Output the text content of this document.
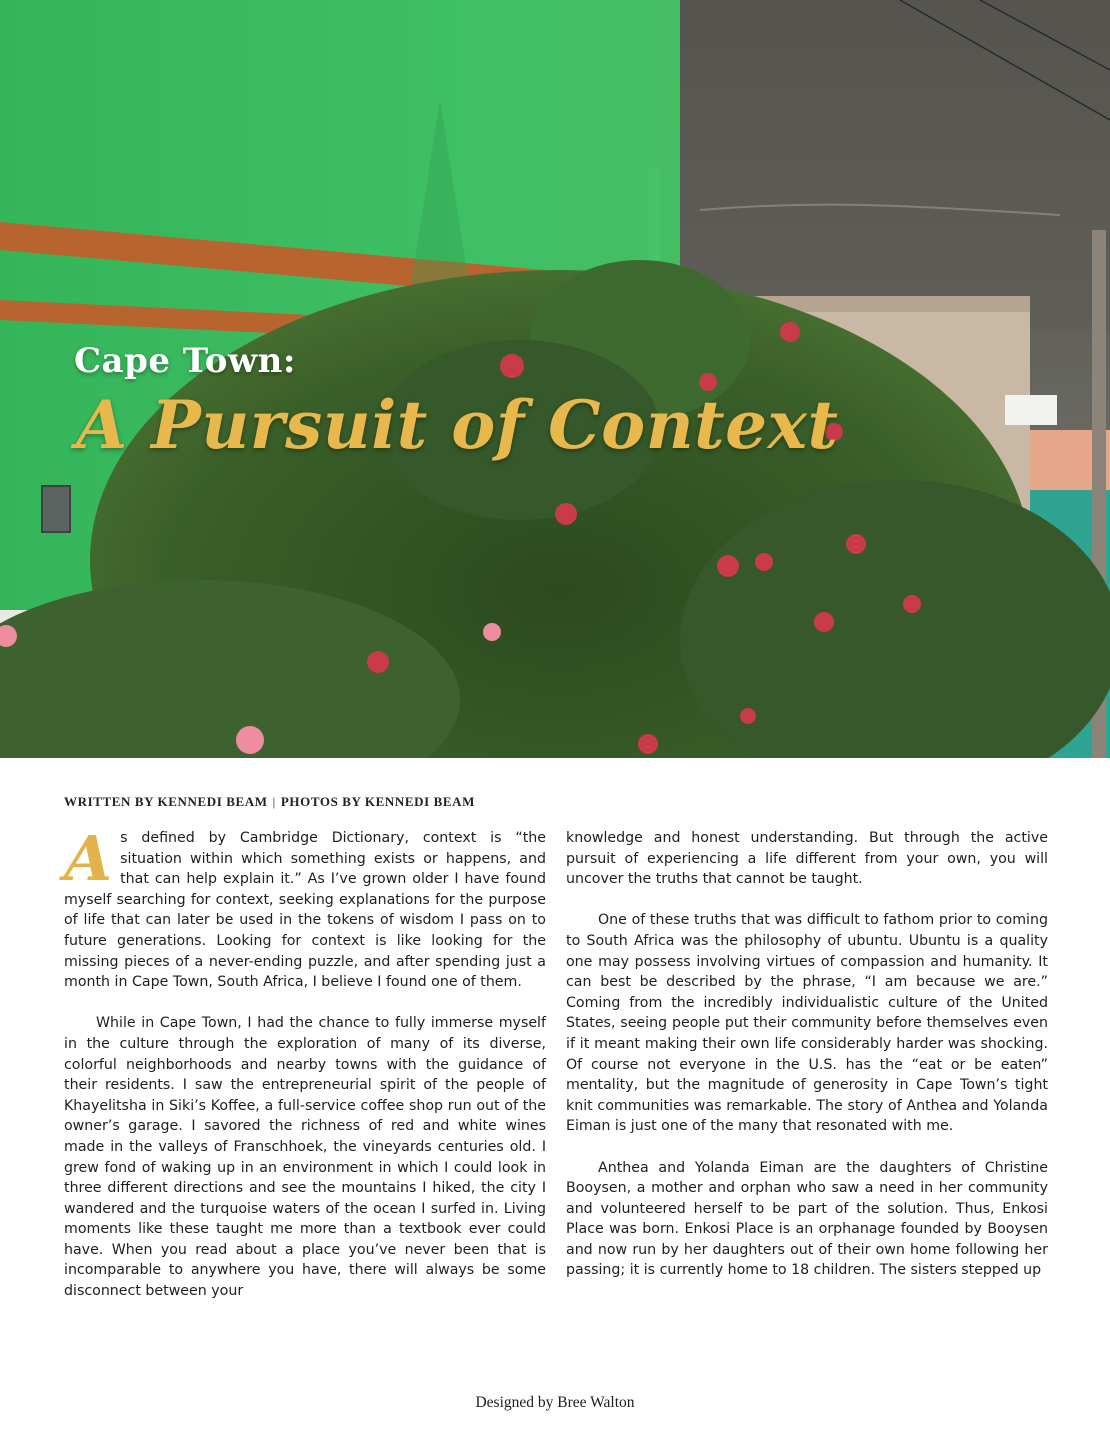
Cape Town:
A Pursuit of Context
WRITTEN BY KENNEDI BEAM | PHOTOS BY KENNEDI BEAM

As defined by Cambridge Dictionary, context is “the situation within which something exists or happens, and that can help explain it.” As I’ve grown older I have found myself searching for context, seeking explanations for the purpose of life that can later be used in the tokens of wisdom I pass on to future generations. Looking for context is like looking for the missing pieces of a never-ending puzzle, and after spending just a month in Cape Town, South Africa, I believe I found one of them.

While in Cape Town, I had the chance to fully immerse myself in the culture through the exploration of many of its diverse, colorful neighborhoods and nearby towns with the guidance of their residents. I saw the entrepreneurial spirit of the people of Khayelitsha in Siki’s Koffee, a full-service coffee shop run out of the owner’s garage. I savored the richness of red and white wines made in the valleys of Franschhoek, the vineyards centuries old. I grew fond of waking up in an environment in which I could look in three different directions and see the mountains I hiked, the city I wandered and the turquoise waters of the ocean I surfed in. Living moments like these taught me more than a textbook ever could have. When you read about a place you’ve never been that is incomparable to anywhere you have, there will always be some disconnect between your

knowledge and honest understanding. But through the active pursuit of experiencing a life different from your own, you will uncover the truths that cannot be taught.

One of these truths that was difficult to fathom prior to coming to South Africa was the philosophy of ubuntu. Ubuntu is a quality one may possess involving virtues of compassion and humanity. It can best be described by the phrase, “I am because we are.” Coming from the incredibly individualistic culture of the United States, seeing people put their community before themselves even if it meant making their own life considerably harder was shocking. Of course not everyone in the U.S. has the “eat or be eaten” mentality, but the magnitude of generosity in Cape Town’s tight knit communities was remarkable. The story of Anthea and Yolanda Eiman is just one of the many that resonated with me.

Anthea and Yolanda Eiman are the daughters of Christine Booysen, a mother and orphan who saw a need in her community and volunteered herself to be part of the solution. Thus, Enkosi Place was born. Enkosi Place is an orphanage founded by Booysen and now run by her daughters out of their own home following her passing; it is currently home to 18 children. The sisters stepped up

Designed by Bree Walton
